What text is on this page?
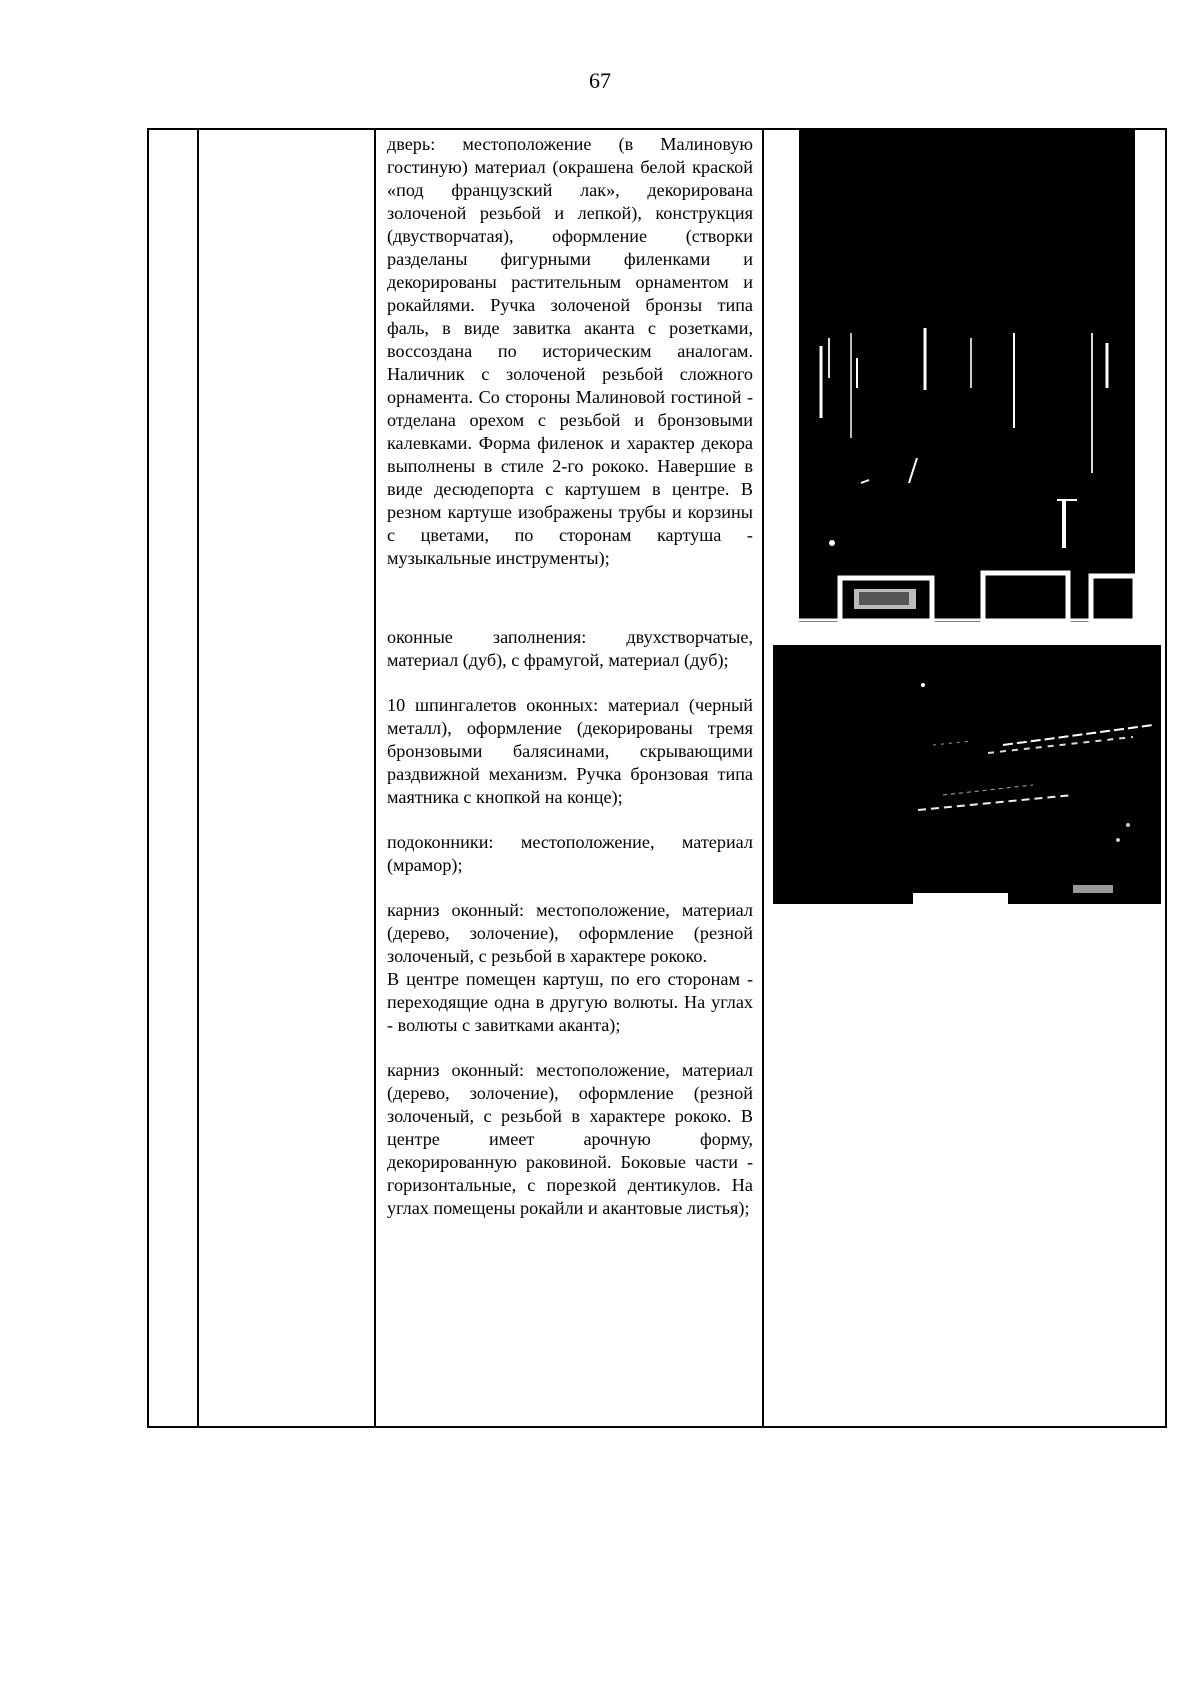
67

дверь: местоположение (в Малиновую гостиную) материал (окрашена белой краской «под французский лак», декорирована золоченой резьбой и лепкой), конструкция (двустворчатая), оформление (створки разделаны фигурными филенками и декорированы растительным орнаментом и рокайлями. Ручка золоченой бронзы типа фаль, в виде завитка аканта с розетками, воссоздана по историческим аналогам. Наличник с золоченой резьбой сложного орнамента. Со стороны Малиновой гостиной - отделана орехом с резьбой и бронзовыми калевками. Форма филенок и характер декора выполнены в стиле 2-го рококо. Навершие в виде десюдепорта с картушем в центре. В резном картуше изображены трубы и корзины с цветами, по сторонам картуша - музыкальные инструменты);

оконные заполнения: двухстворчатые, материал (дуб), с фрамугой, материал (дуб);

10 шпингалетов оконных: материал (черный металл), оформление (декорированы тремя бронзовыми балясинами, скрывающими раздвижной механизм. Ручка бронзовая типа маятника с кнопкой на конце);

подоконники: местоположение, материал (мрамор);

карниз оконный: местоположение, материал (дерево, золочение), оформление (резной золоченый, с резьбой в характере рококо.

В центре помещен картуш, по его сторонам - переходящие одна в другую волюты. На углах - волюты с завитками аканта);

карниз оконный: местоположение, материал (дерево, золочение), оформление (резной золоченый, с резьбой в характере рококо. В центре имеет арочную форму, декорированную раковиной. Боковые части - горизонтальные, с порезкой дентикулов. На углах помещены рокайли и акантовые листья);
